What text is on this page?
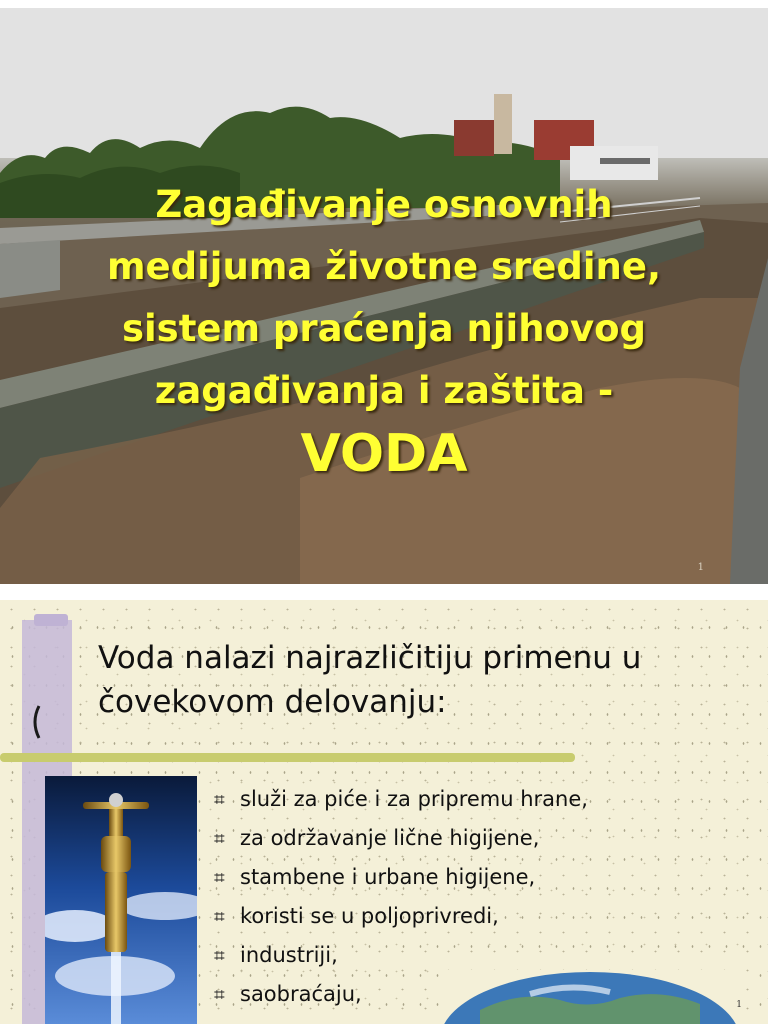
Zagađivanje osnovnih
medijuma životne sredine,
sistem praćenja njihovog
zagađivanja i zaštita -
VODA
1
Voda nalazi najrazličitiju primenu u
čovekovom delovanju:
⌗ služi za piće i za pripremu hrane,
⌗ za održavanje lične higijene,
⌗ stambene i urbane higijene,
⌗ koristi se u poljoprivredi,
⌗ industriji,
⌗ saobraćaju,	1
